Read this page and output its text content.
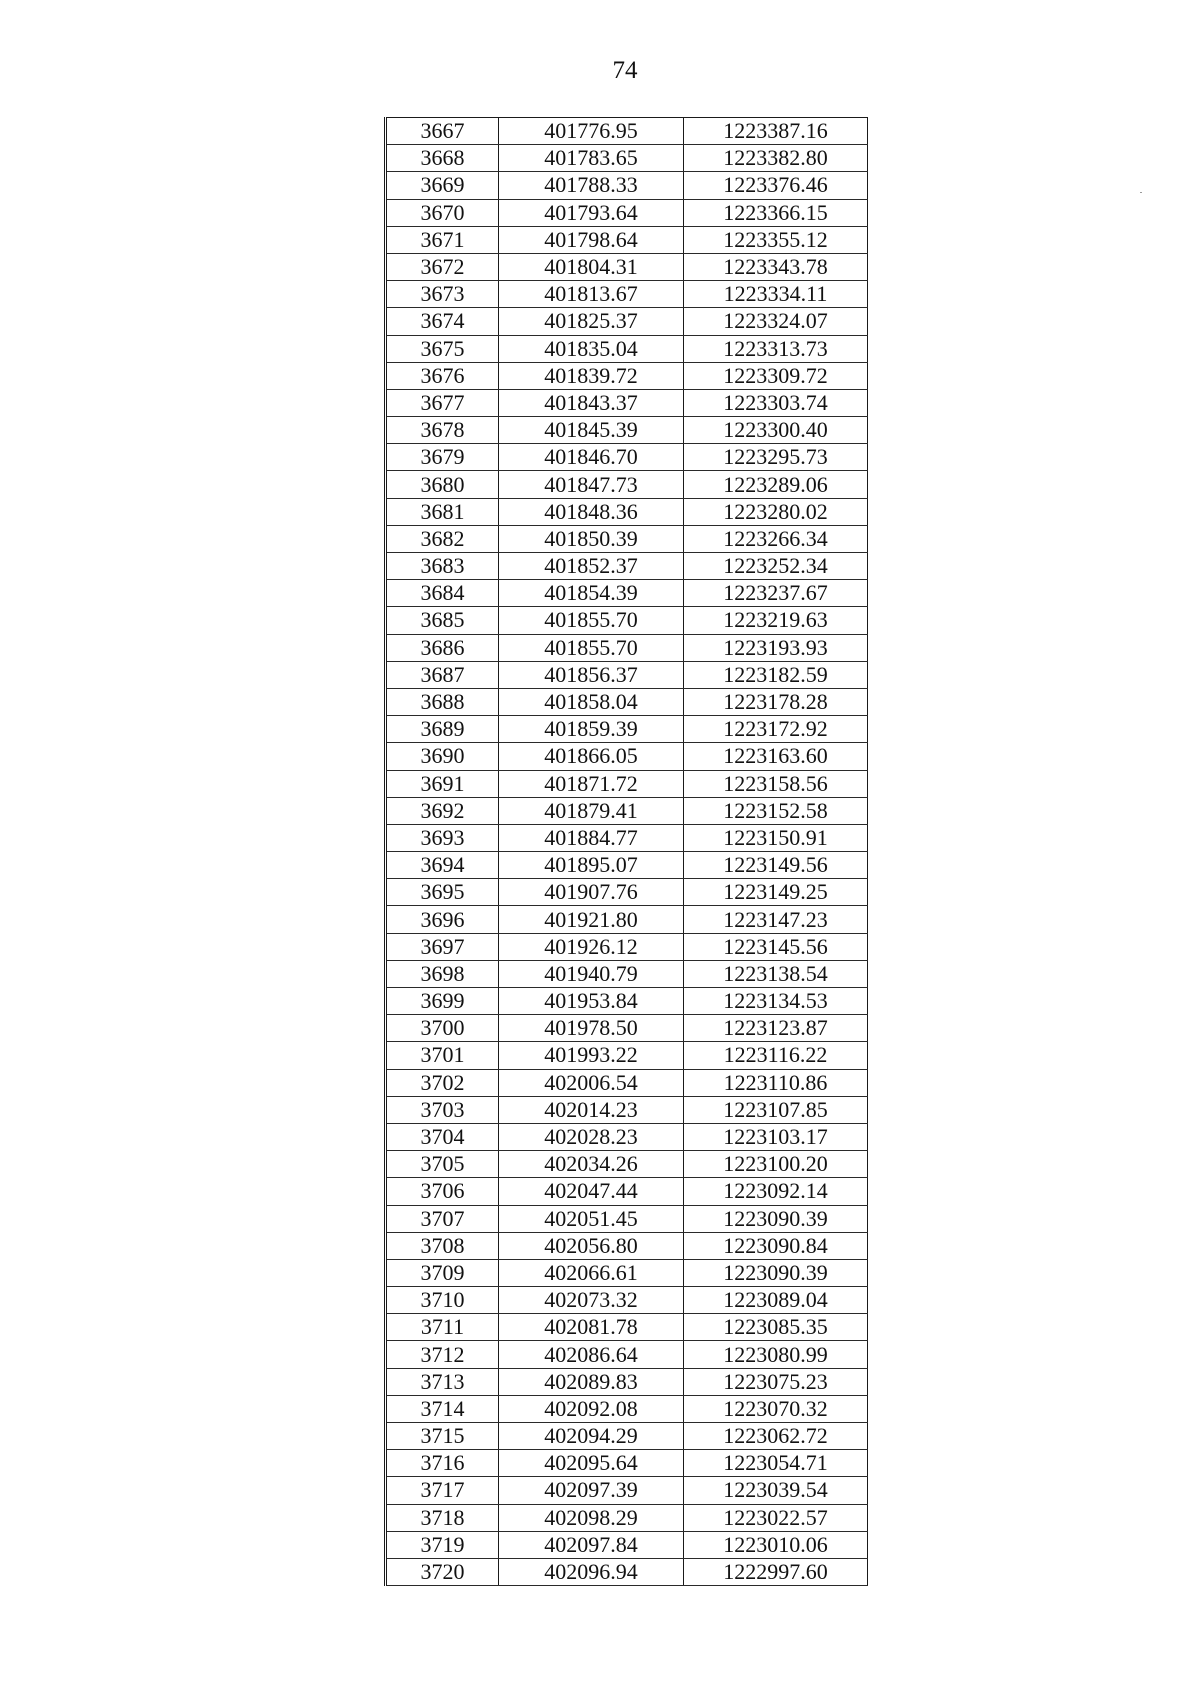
74
3667	401776.95	1223387.16
3668	401783.65	1223382.80
3669	401788.33	1223376.46
3670	401793.64	1223366.15
3671	401798.64	1223355.12
3672	401804.31	1223343.78
3673	401813.67	1223334.11
3674	401825.37	1223324.07
3675	401835.04	1223313.73
3676	401839.72	1223309.72
3677	401843.37	1223303.74
3678	401845.39	1223300.40
3679	401846.70	1223295.73
3680	401847.73	1223289.06
3681	401848.36	1223280.02
3682	401850.39	1223266.34
3683	401852.37	1223252.34
3684	401854.39	1223237.67
3685	401855.70	1223219.63
3686	401855.70	1223193.93
3687	401856.37	1223182.59
3688	401858.04	1223178.28
3689	401859.39	1223172.92
3690	401866.05	1223163.60
3691	401871.72	1223158.56
3692	401879.41	1223152.58
3693	401884.77	1223150.91
3694	401895.07	1223149.56
3695	401907.76	1223149.25
3696	401921.80	1223147.23
3697	401926.12	1223145.56
3698	401940.79	1223138.54
3699	401953.84	1223134.53
3700	401978.50	1223123.87
3701	401993.22	1223116.22
3702	402006.54	1223110.86
3703	402014.23	1223107.85
3704	402028.23	1223103.17
3705	402034.26	1223100.20
3706	402047.44	1223092.14
3707	402051.45	1223090.39
3708	402056.80	1223090.84
3709	402066.61	1223090.39
3710	402073.32	1223089.04
3711	402081.78	1223085.35
3712	402086.64	1223080.99
3713	402089.83	1223075.23
3714	402092.08	1223070.32
3715	402094.29	1223062.72
3716	402095.64	1223054.71
3717	402097.39	1223039.54
3718	402098.29	1223022.57
3719	402097.84	1223010.06
3720	402096.94	1222997.60
